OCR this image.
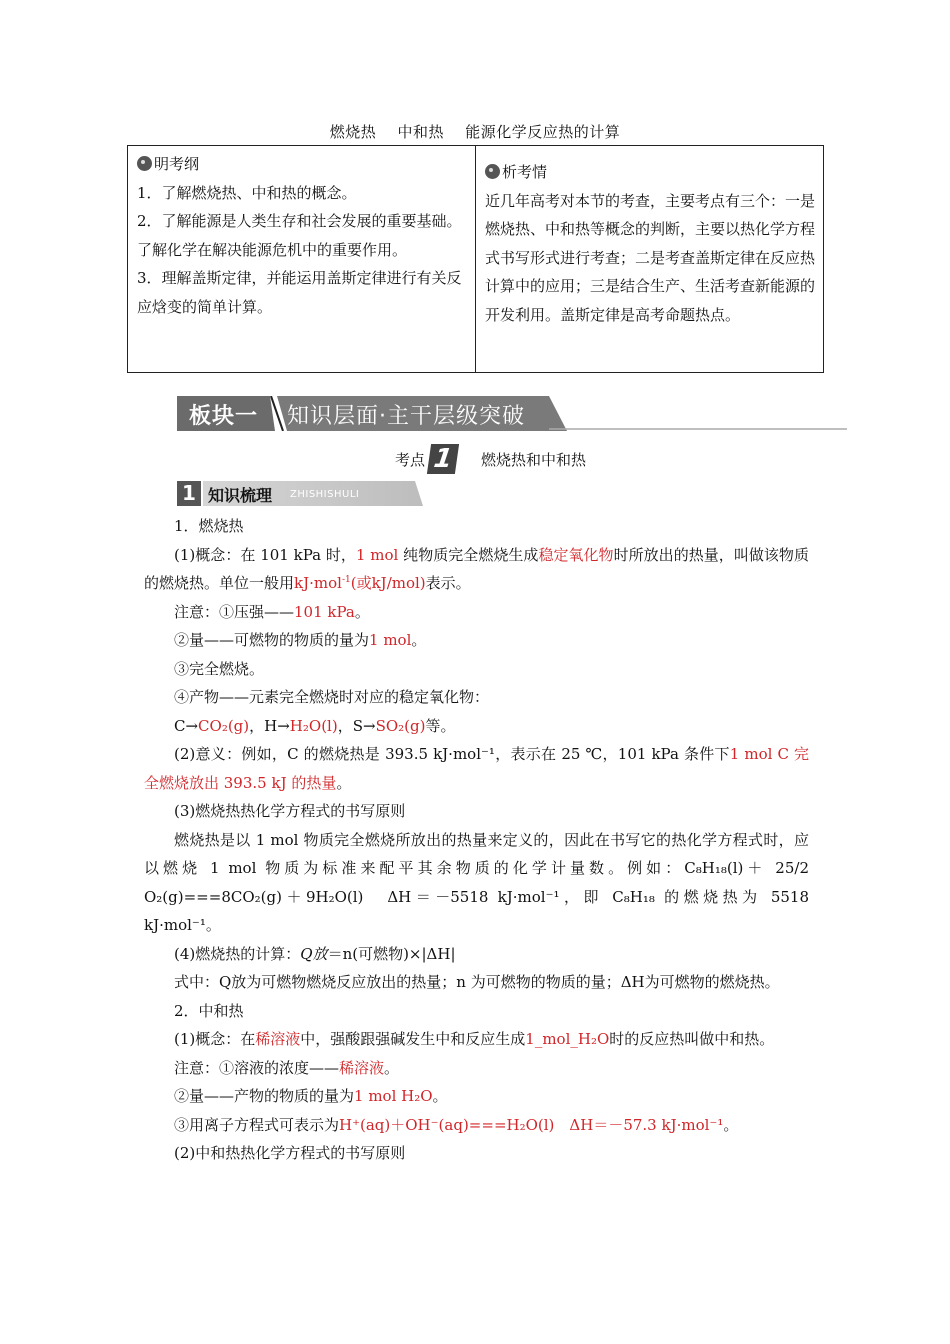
燃烧热 中和热 能源化学反应热的计算
明考纲
1．了解燃烧热、中和热的概念。
2．了解能源是人类生存和社会发展的重要基础。了解化学在解决能源危机中的重要作用。
3．理解盖斯定律，并能运用盖斯定律进行有关反应焓变的简单计算。

析考情
近几年高考对本节的考查，主要考点有三个：一是燃烧热、中和热等概念的判断，主要以热化学方程式书写形式进行考查；二是考查盖斯定律在反应热计算中的应用；三是结合生产、生活考查新能源的开发利用。盖斯定律是高考命题热点。
板块一 知识层面·主干层级突破
考点 1	燃烧热和中和热
1 知识梳理 ZHISHISHULI

1．燃烧热

(1)概念：在 101 kPa 时，1 mol 纯物质完全燃烧生成稳定氧化物时所放出的热量，叫做该物质的燃烧热。单位一般用kJ·mol$^{-1}$(或kJ/mol)表示。

注意：①压强——101 kPa。

②量——可燃物的物质的量为1 mol。

③完全燃烧。

④产物——元素完全燃烧时对应的稳定氧化物：

C→CO₂(g)，H→H₂O(l)，S→SO₂(g)等。

(2)意义：例如，C 的燃烧热是 393.5 kJ·mol⁻¹，表示在 25 ℃，101 kPa 条件下1 mol C 完全燃烧放出 393.5 kJ 的热量。

(3)燃烧热热化学方程式的书写原则

燃烧热是以 1 mol 物质完全燃烧所放出的热量来定义的，因此在书写它的热化学方程式时，应以燃烧 1 mol 物质为标准来配平其余物质的化学计量数。例如：C₈H₁₈(l)＋ 25/2 O₂(g)===8CO₂(g)＋9H₂O(l)　ΔH＝－5518 kJ·mol⁻¹，即 C₈H₁₈ 的燃烧热为 5518 kJ·mol⁻¹。

(4)燃烧热的计算：Q放＝n(可燃物)×|ΔH|

式中：Q放为可燃物燃烧反应放出的热量；n 为可燃物的物质的量；ΔH为可燃物的燃烧热。

2．中和热

(1)概念：在稀溶液中，强酸跟强碱发生中和反应生成1_mol_H₂O时的反应热叫做中和热。

注意：①溶液的浓度——稀溶液。

②量——产物的物质的量为1 mol H₂O。

③用离子方程式可表示为H⁺(aq)＋OH⁻(aq)===H₂O(l)　ΔH＝－57.3 kJ·mol⁻¹。

(2)中和热热化学方程式的书写原则
